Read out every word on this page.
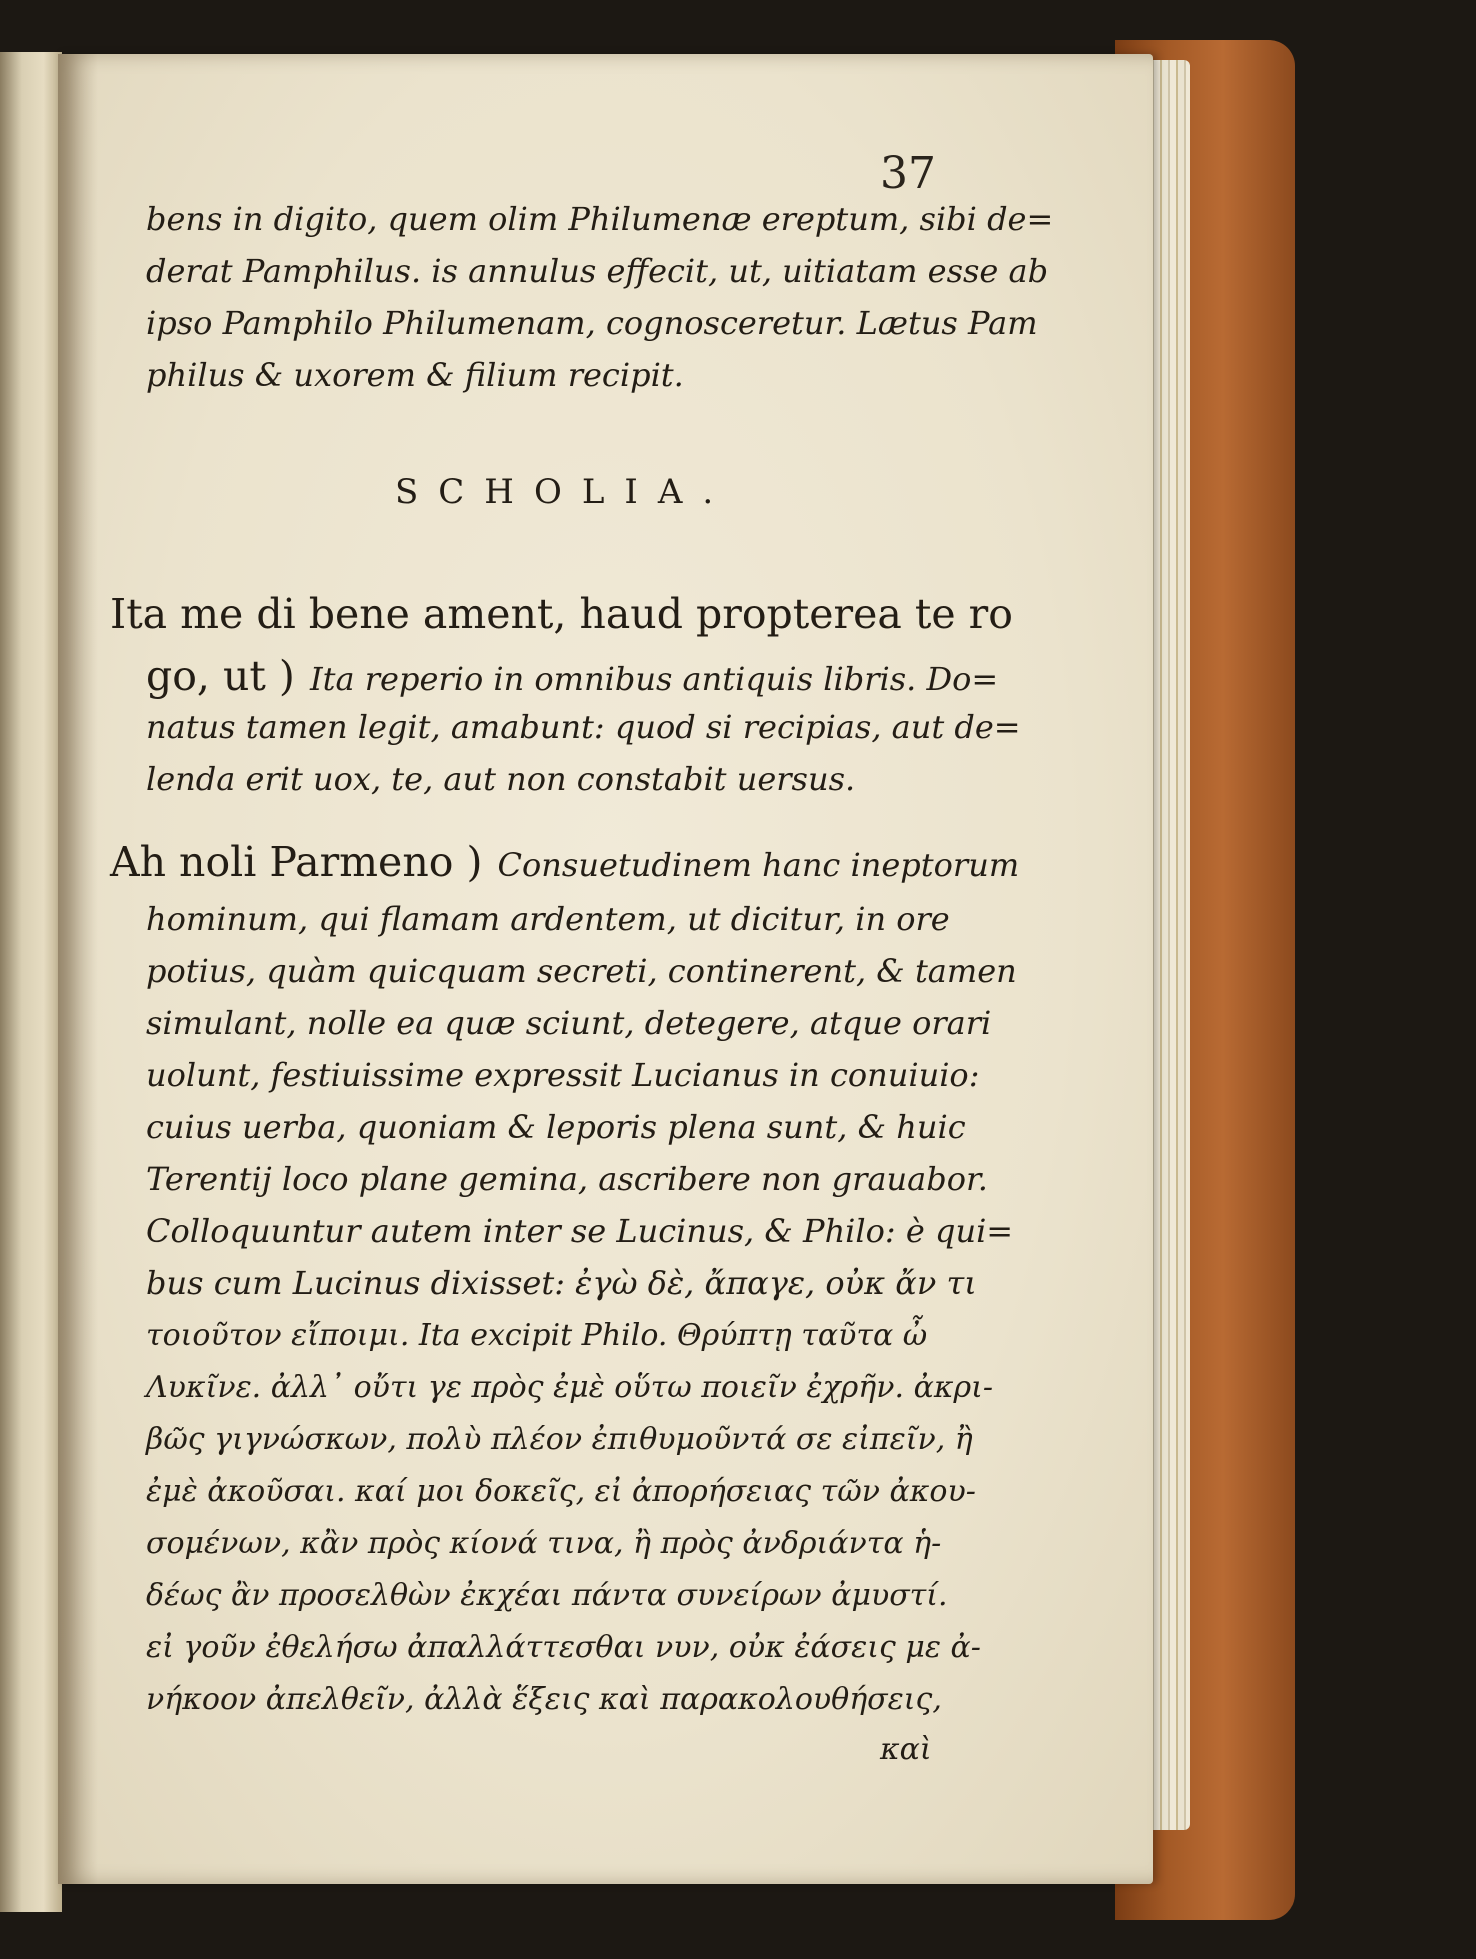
37
bens in digito, quem olim Philumenæ ereptum, sibi de=
derat Pamphilus. is annulus effecit, ut, uitiatam esse ab
ipso Pamphilo Philumenam, cognosceretur. Lætus Pam
philus & uxorem & filium recipit.
SCHOLIA.
Ita me di bene ament, haud propterea te ro
go, ut ) Ita reperio in omnibus antiquis libris. Do=
natus tamen legit, amabunt: quod si recipias, aut de=
lenda erit uox, te, aut non constabit uersus.
Ah noli Parmeno ) Consuetudinem hanc ineptorum
hominum, qui flamam ardentem, ut dicitur, in ore
potius, quàm quicquam secreti, continerent, & tamen
simulant, nolle ea quæ sciunt, detegere, atque orari
uolunt, festiuissime expressit Lucianus in conuiuio:
cuius uerba, quoniam & leporis plena sunt, & huic
Terentij loco plane gemina, ascribere non grauabor.
Colloquuntur autem inter se Lucinus, & Philo: è qui=
bus cum Lucinus dixisset: ἐγὼ δὲ, ἄπαγε, οὐκ ἄν τι
τοιοῦτον εἴποιμι. Ita excipit Philo. Θρύπτῃ ταῦτα ὦ
Λυκῖνε. ἀλλ᾽ οὔτι γε πρὸς ἐμὲ οὕτω ποιεῖν ἐχρῆν. ἀκρι-
βῶς γιγνώσκων, πολὺ πλέον ἐπιθυμοῦντά σε εἰπεῖν, ἢ
ἐμὲ ἀκοῦσαι. καί μοι δοκεῖς, εἰ ἀπορήσειας τῶν ἀκου-
σομένων, κἂν πρὸς κίονά τινα, ἢ πρὸς ἀνδριάντα ἡ-
δέως ἂν προσελθὼν ἐκχέαι πάντα συνείρων ἀμυστί.
εἰ γοῦν ἐθελήσω ἀπαλλάττεσθαι νυν, οὐκ ἐάσεις με ἀ-
νήκοον ἀπελθεῖν, ἀλλὰ ἕξεις καὶ παρακολουθήσεις,
καὶ
